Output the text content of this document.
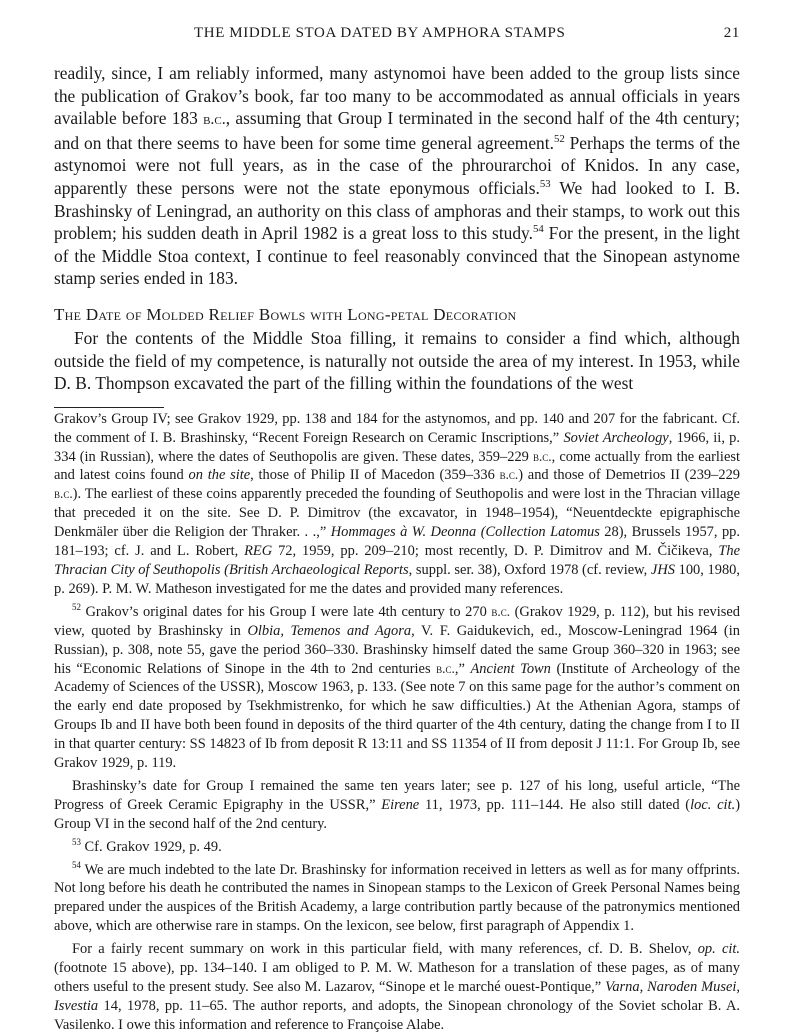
THE MIDDLE STOA DATED BY AMPHORA STAMPS	21

readily, since, I am reliably informed, many astynomoi have been added to the group lists since the publication of Grakov’s book, far too many to be accommodated as annual officials in years available before 183 b.c., assuming that Group I terminated in the second half of the 4th century; and on that there seems to have been for some time general agreement.$^{52}$ Perhaps the terms of the astynomoi were not full years, as in the case of the phrourarchoi of Knidos. In any case, apparently these persons were not the state eponymous officials.$^{53}$ We had looked to I. B. Brashinsky of Leningrad, an authority on this class of amphoras and their stamps, to work out this problem; his sudden death in April 1982 is a great loss to this study.$^{54}$ For the present, in the light of the Middle Stoa context, I continue to feel reasonably convinced that the Sinopean astynome stamp series ended in 183.

The Date of Molded Relief Bowls with Long-petal Decoration

For the contents of the Middle Stoa filling, it remains to consider a find which, although outside the field of my competence, is naturally not outside the area of my interest. In 1953, while D. B. Thompson excavated the part of the filling within the foundations of the west

Grakov’s Group IV; see Grakov 1929, pp. 138 and 184 for the astynomos, and pp. 140 and 207 for the fabricant. Cf. the comment of I. B. Brashinsky, “Recent Foreign Research on Ceramic Inscriptions,” Soviet Archeology, 1966, ii, p. 334 (in Russian), where the dates of Seuthopolis are given. These dates, 359–229 b.c., come actually from the earliest and latest coins found on the site, those of Philip II of Macedon (359–336 b.c.) and those of Demetrios II (239–229 b.c.). The earliest of these coins apparently preceded the founding of Seuthopolis and were lost in the Thracian village that preceded it on the site. See D. P. Dimitrov (the excavator, in 1948–1954), “Neuentdeckte epigraphische Denkmäler über die Religion der Thraker. . .,” Hommages à W. Deonna (Collection Latomus 28), Brussels 1957, pp. 181–193; cf. J. and L. Robert, REG 72, 1959, pp. 209–210; most recently, D. P. Dimitrov and M. Čičikeva, The Thracian City of Seuthopolis (British Archaeological Reports, suppl. ser. 38), Oxford 1978 (cf. review, JHS 100, 1980, p. 269). P. M. W. Matheson investigated for me the dates and provided many references.

$^{52}$ Grakov’s original dates for his Group I were late 4th century to 270 b.c. (Grakov 1929, p. 112), but his revised view, quoted by Brashinsky in Olbia, Temenos and Agora, V. F. Gaidukevich, ed., Moscow-Leningrad 1964 (in Russian), p. 308, note 55, gave the period 360–330. Brashinsky himself dated the same Group 360–320 in 1963; see his “Economic Relations of Sinope in the 4th to 2nd centuries b.c.,” Ancient Town (Institute of Archeology of the Academy of Sciences of the USSR), Moscow 1963, p. 133. (See note 7 on this same page for the author’s comment on the early end date proposed by Tsekhmistrenko, for which he saw difficulties.) At the Athenian Agora, stamps of Groups Ib and II have both been found in deposits of the third quarter of the 4th century, dating the change from I to II in that quarter century: SS 14823 of Ib from deposit R 13:11 and SS 11354 of II from deposit J 11:1. For Group Ib, see Grakov 1929, p. 119.

Brashinsky’s date for Group I remained the same ten years later; see p. 127 of his long, useful article, “The Progress of Greek Ceramic Epigraphy in the USSR,” Eirene 11, 1973, pp. 111–144. He also still dated (loc. cit.) Group VI in the second half of the 2nd century.

$^{53}$ Cf. Grakov 1929, p. 49.

$^{54}$ We are much indebted to the late Dr. Brashinsky for information received in letters as well as for many offprints. Not long before his death he contributed the names in Sinopean stamps to the Lexicon of Greek Personal Names being prepared under the auspices of the British Academy, a large contribution partly because of the patronymics mentioned above, which are otherwise rare in stamps. On the lexicon, see below, first paragraph of Appendix 1.

For a fairly recent summary on work in this particular field, with many references, cf. D. B. Shelov, op. cit. (footnote 15 above), pp. 134–140. I am obliged to P. M. W. Matheson for a translation of these pages, as of many others useful to the present study. See also M. Lazarov, “Sinope et le marché ouest-Pontique,” Varna, Naroden Musei, Isvestia 14, 1978, pp. 11–65. The author reports, and adopts, the Sinopean chronology of the Soviet scholar B. A. Vasilenko. I owe this information and reference to Françoise Alabe.
